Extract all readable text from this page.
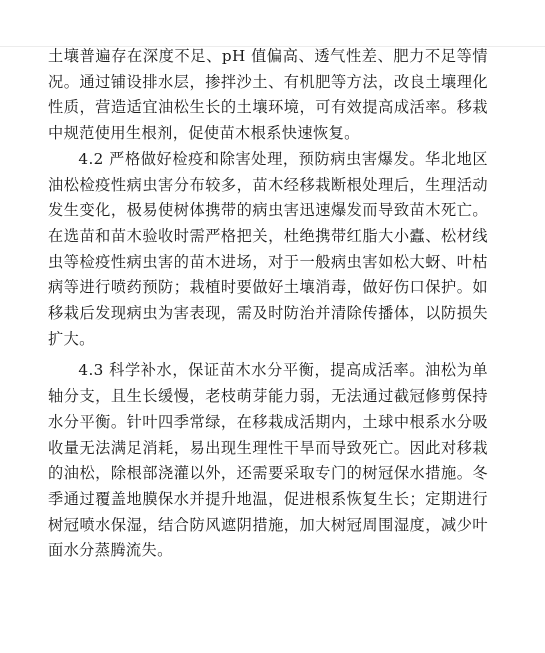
土壤普遍存在深度不足、pH 值偏高、透气性差、肥力不足等情况。通过铺设排水层，掺拌沙土、有机肥等方法，改良土壤理化性质，营造适宜油松生长的土壤环境，可有效提高成活率。移栽中规范使用生根剂，促使苗木根系快速恢复。

4.2 严格做好检疫和除害处理，预防病虫害爆发。华北地区油松检疫性病虫害分布较多，苗木经移栽断根处理后，生理活动发生变化，极易使树体携带的病虫害迅速爆发而导致苗木死亡。在选苗和苗木验收时需严格把关，杜绝携带红脂大小蠹、松材线虫等检疫性病虫害的苗木进场，对于一般病虫害如松大蚜、叶枯病等进行喷药预防；栽植时要做好土壤消毒，做好伤口保护。如移栽后发现病虫为害表现，需及时防治并清除传播体，以防损失扩大。

4.3 科学补水，保证苗木水分平衡，提高成活率。油松为单轴分支，且生长缓慢，老枝萌芽能力弱，无法通过截冠修剪保持水分平衡。针叶四季常绿，在移栽成活期内，土球中根系水分吸收量无法满足消耗，易出现生理性干旱而导致死亡。因此对移栽的油松，除根部浇灌以外，还需要采取专门的树冠保水措施。冬季通过覆盖地膜保水并提升地温，促进根系恢复生长；定期进行树冠喷水保湿，结合防风遮阴措施，加大树冠周围湿度，减少叶面水分蒸腾流失。
